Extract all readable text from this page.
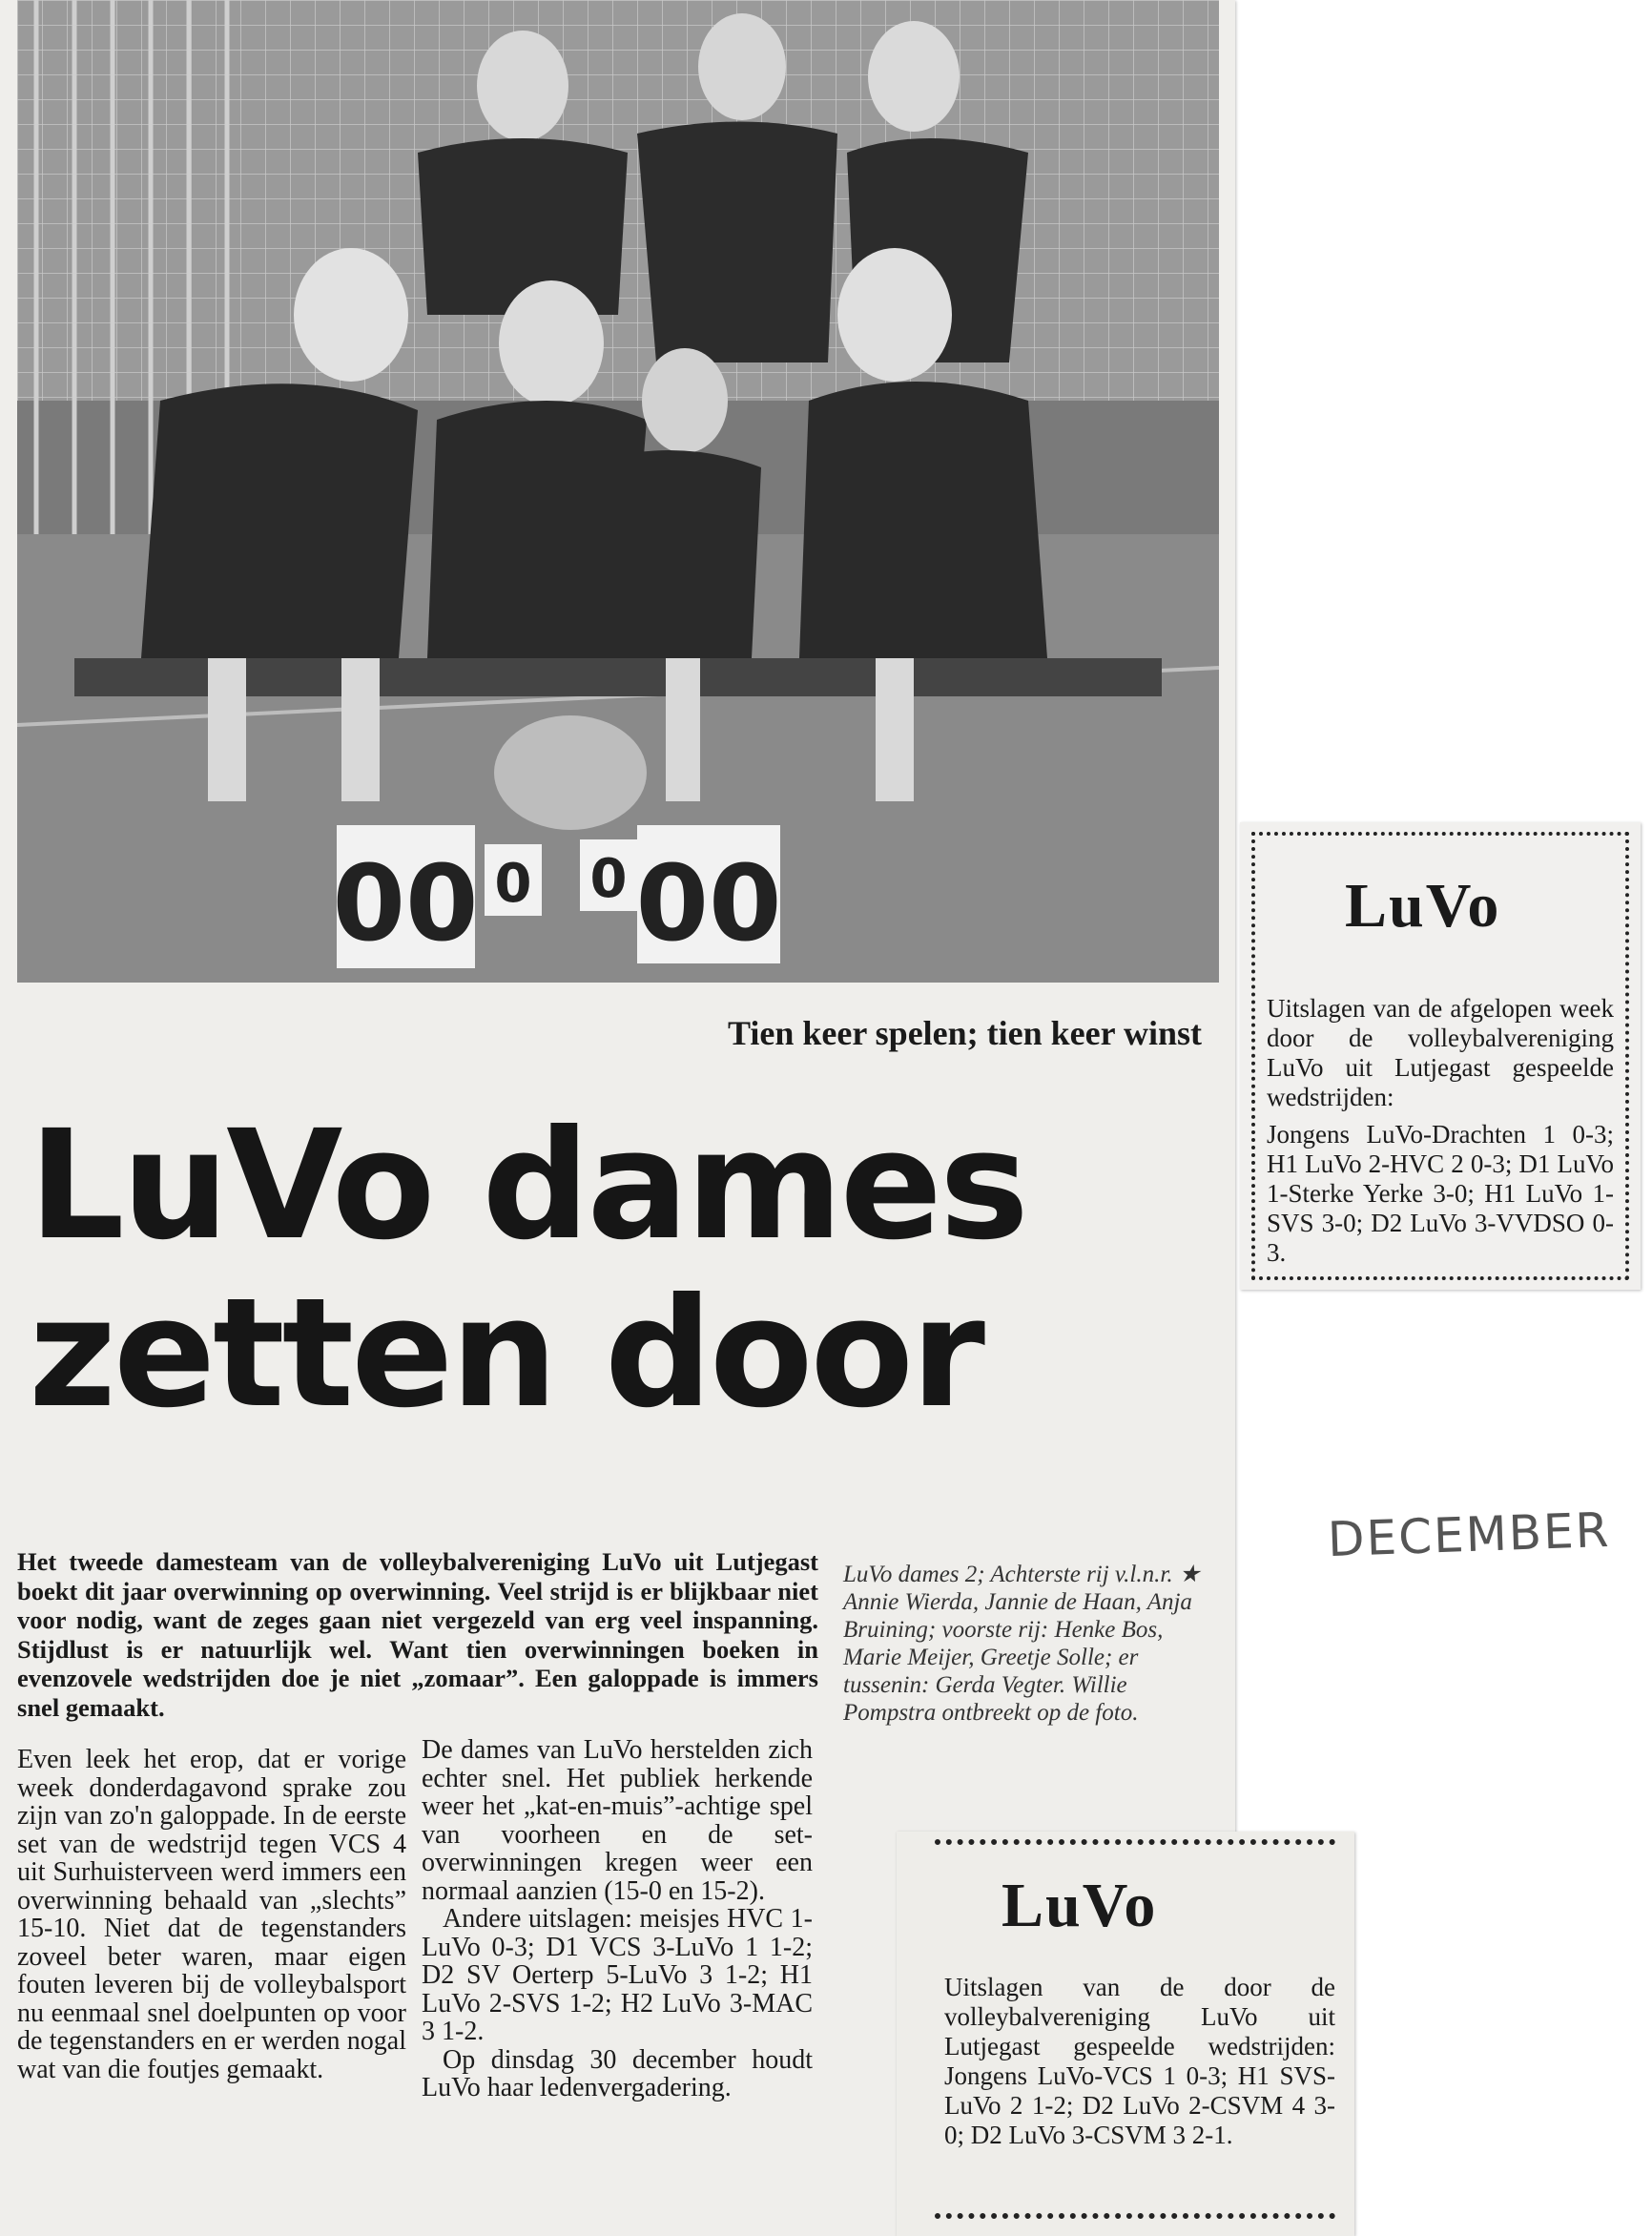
00 0 0 00
Tien keer spelen; tien keer winst
LuVo dames
zetten door
Het tweede damesteam van de volleybalvereniging LuVo uit Lutjegast boekt dit jaar overwinning op overwinning. Veel strijd is er blijkbaar niet voor nodig, want de zeges gaan niet vergezeld van erg veel inspanning. Stijdlust is er natuurlijk wel. Want tien overwinningen boeken in evenzovele wedstrijden doe je niet „zomaar”. Een galoppade is immers snel gemaakt.
LuVo dames 2; Achterste rij v.l.n.r. ★ Annie Wierda, Jannie de Haan, Anja Bruining; voorste rij: Henke Bos, Marie Meijer, Greetje Solle; er tussenin: Gerda Vegter. Willie Pompstra ontbreekt op de foto.

Even leek het erop, dat er vorige week donderdagavond sprake zou zijn van zo'n galoppade. In de eerste set van de wedstrijd tegen VCS 4 uit Surhuisterveen werd immers een overwinning behaald van „slechts” 15-10. Niet dat de tegenstanders zoveel beter waren, maar eigen fouten leveren bij de volleybalsport nu eenmaal snel doelpunten op voor de tegenstanders en er werden nogal wat van die foutjes gemaakt.

De dames van LuVo herstelden zich echter snel. Het publiek herkende weer het „kat-en-muis”-achtige spel van voorheen en de set-overwinningen kregen weer een normaal aanzien (15-0 en 15-2).

Andere uitslagen: meisjes HVC 1-LuVo 0-3; D1 VCS 3-LuVo 1 1-2; D2 SV Oerterp 5-LuVo 3 1-2; H1 LuVo 2-SVS 1-2; H2 LuVo 3-MAC 3 1-2.

Op dinsdag 30 december houdt LuVo haar ledenvergadering.

LuVo
Uitslagen van de afgelopen week door de volleybalvereniging LuVo uit Lutjegast gespeelde wedstrijden:
Jongens LuVo-Drachten 1 0-3; H1 LuVo 2-HVC 2 0-3; D1 LuVo 1-Sterke Yerke 3-0; H1 LuVo 1-SVS 3-0; D2 LuVo 3-VVDSO 0-3.
DECEMBER
LuVo
Uitslagen van de door de volleybalvereniging LuVo uit Lutjegast gespeelde wedstrijden: Jongens LuVo-VCS 1 0-3; H1 SVS-LuVo 2 1-2; D2 LuVo 2-CSVM 4 3-0; D2 LuVo 3-CSVM 3 2-1.
